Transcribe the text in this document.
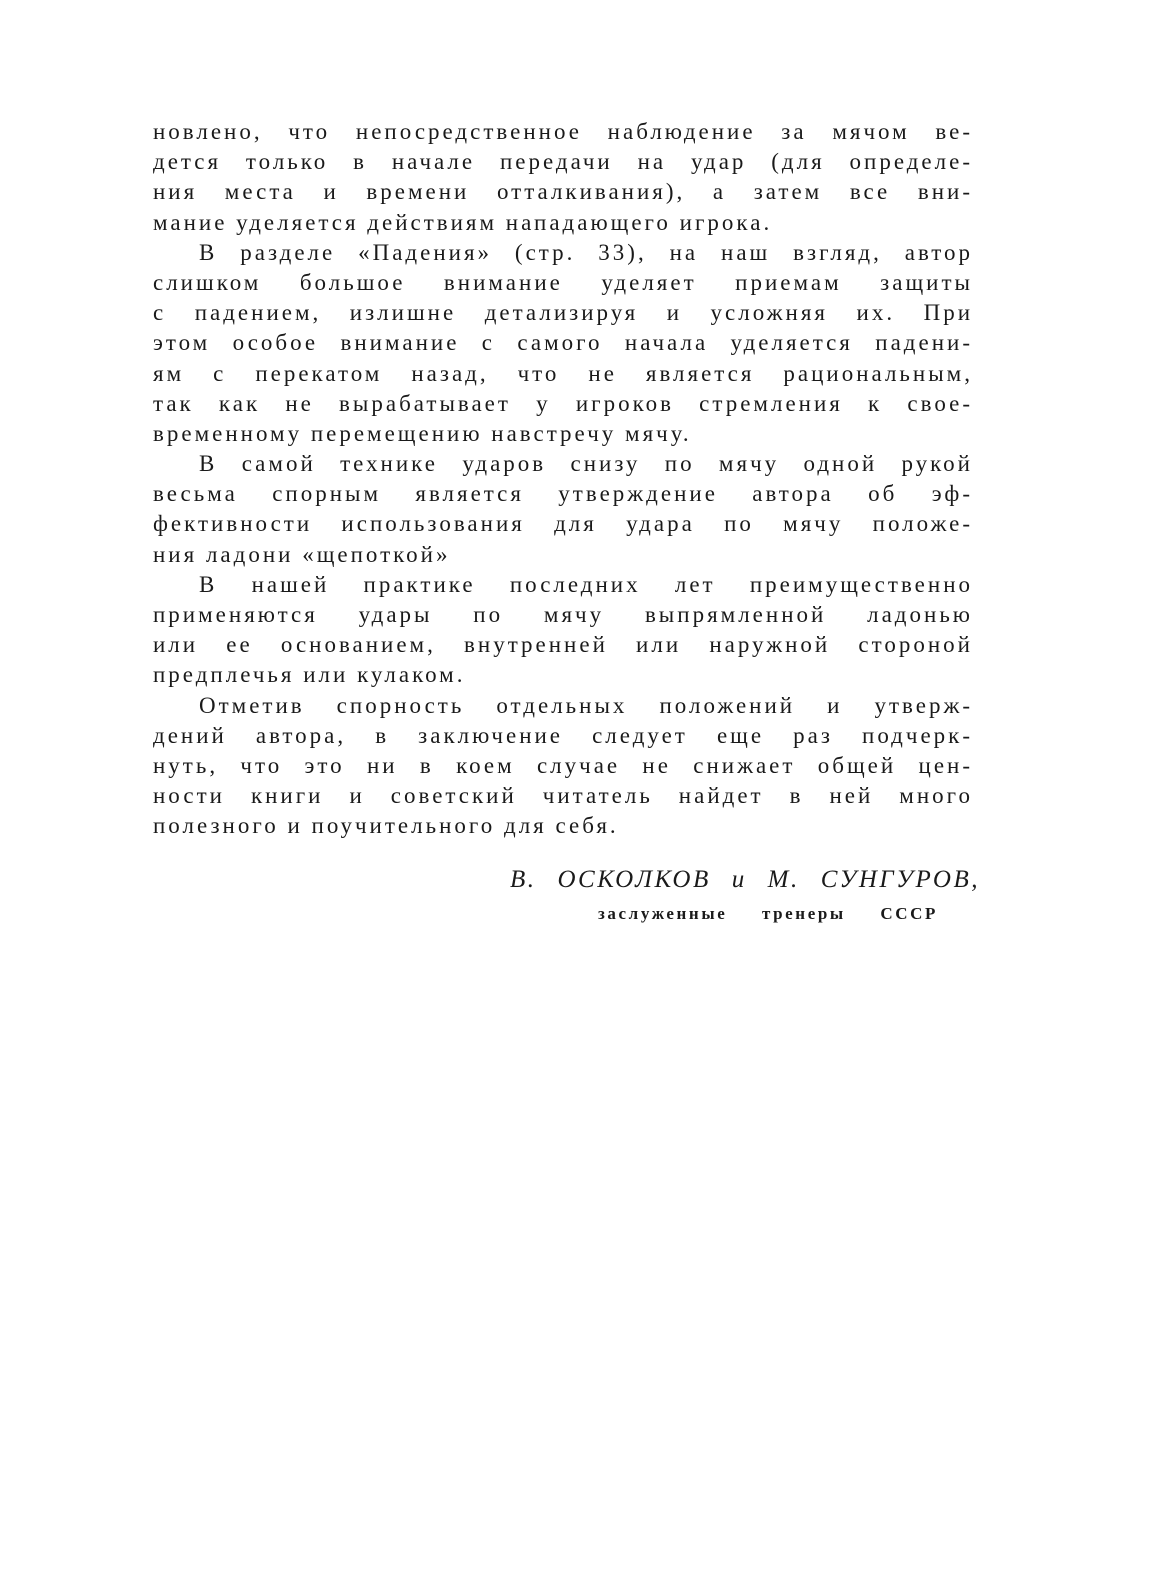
новлено, что непосредственное наблюдение за мячом ве-
дется только в начале передачи на удар (для определе-
ния места и времени отталкивания), а затем все вни-
мание уделяется действиям нападающего игрока.
В разделе «Падения» (стр. 33), на наш взгляд, автор
слишком большое внимание уделяет приемам защиты
с падением, излишне детализируя и усложняя их. При
этом особое внимание с самого начала уделяется падени-
ям с перекатом назад, что не является рациональным,
так как не вырабатывает у игроков стремления к свое-
временному перемещению навстречу мячу.
В самой технике ударов снизу по мячу одной рукой
весьма спорным является утверждение автора об эф-
фективности использования для удара по мячу положе-
ния ладони «щепоткой»
В нашей практике последних лет преимущественно
применяются удары по мячу выпрямленной ладонью
или ее основанием, внутренней или наружной стороной
предплечья или кулаком.
Отметив спорность отдельных положений и утверж-
дений автора, в заключение следует еще раз подчерк-
нуть, что это ни в коем случае не снижает общей цен-
ности книги и советский читатель найдет в ней много
полезного и поучительного для себя.
В. ОСКОЛКОВ и М. СУНГУРОВ,
заслуженные тренеры СССР
